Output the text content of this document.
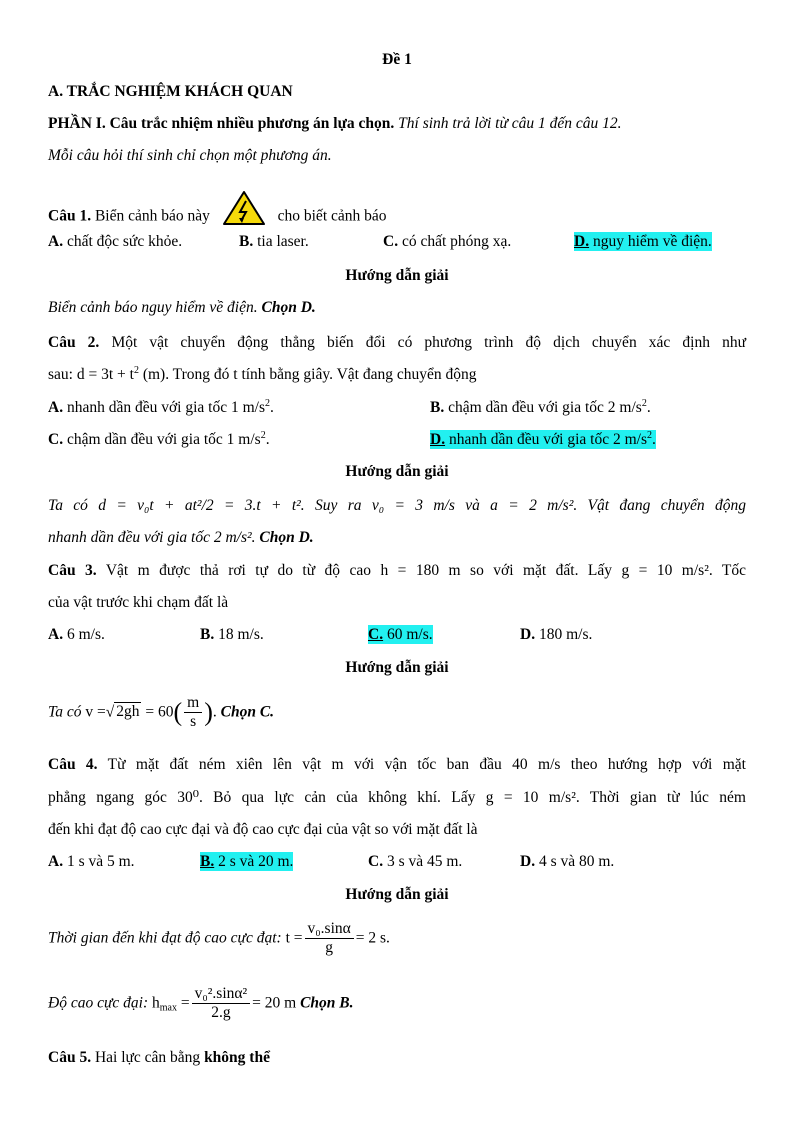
Đề 1
A. TRẮC NGHIỆM KHÁCH QUAN
PHẦN I. Câu trắc nhiệm nhiều phương án lựa chọn. Thí sinh trả lời từ câu 1 đến câu 12.
Mỗi câu hỏi thí sinh chỉ chọn một phương án.
Câu 1. Biển cảnh báo này	cho biết cảnh báo
A. chất độc sức khỏe.	B. tia laser.	C. có chất phóng xạ.	D. nguy hiểm về điện.
Hướng dẫn giải
Biển cảnh báo nguy hiểm về điện. Chọn D.
Câu 2. Một vật chuyển động thẳng biến đổi có phương trình độ dịch chuyển xác định như
sau: $d = 3t + t^2$ (m). Trong đó t tính bằng giây. Vật đang chuyển động
A. nhanh dần đều với gia tốc 1 $m/s^2$.	B. chậm dần đều với gia tốc 2 $m/s^2$.
C. chậm dần đều với gia tốc 1 $m/s^2$.	D. nhanh dần đều với gia tốc 2 $m/s^2$.
Hướng dẫn giải
Ta có d = v₀t + at²/2 = 3.t + t². Suy ra v₀ = 3 m/s và a = 2 m/s². Vật đang chuyển động
nhanh dần đều với gia tốc 2 m/s². Chọn D.
Câu 3. Vật m được thả rơi tự do từ độ cao h = 180 m so với mặt đất. Lấy g = 10 m/s². Tốc
của vật trước khi chạm đất là
A. 6 m/s.	B. 18 m/s.	C. 60 m/s.	D. 180 m/s.
Hướng dẫn giải
Ta có v =√ $2gh = 60( \frac{m}{s}$ ). Chọn C.
Câu 4. Từ mặt đất ném xiên lên vật m với vận tốc ban đầu 40 m/s theo hướng hợp với mặt
phẳng ngang góc 30⁰. Bỏ qua lực cản của không khí. Lấy g = 10 m/s². Thời gian từ lúc ném
đến khi đạt độ cao cực đại và độ cao cực đại của vật so với mặt đất là
A. 1 s và 5 m.	B. 2 s và 20 m.	C. 3 s và 45 m.	D. 4 s và 80 m.
Hướng dẫn giải
Thời gian đến khi đạt độ cao cực đạt: $t = \frac{\text{v₀.sinα}}{g} = 2$ s.
Độ cao cực đại: $h_{max} = \frac{\text{v₀².sinα²}}{2.g} = 20$ m Chọn B.
Câu 5. Hai lực cân bằng không thể
